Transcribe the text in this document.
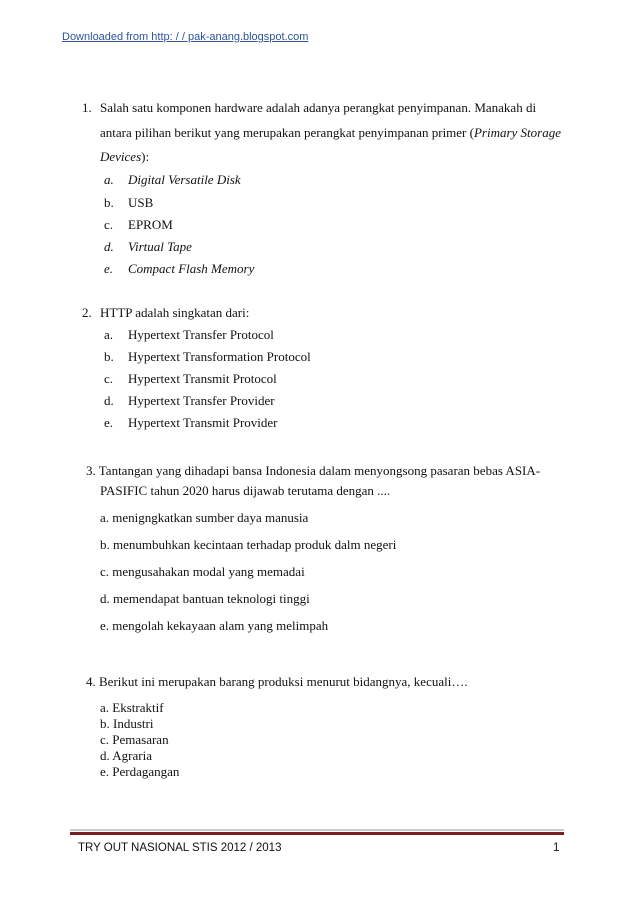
Downloaded from http: / / pak-anang.blogspot.com
1. Salah satu komponen hardware adalah adanya perangkat penyimpanan. Manakah di
antara pilihan berikut yang merupakan perangkat penyimpanan primer (Primary Storage
Devices):
a. Digital Versatile Disk
b. USB
c. EPROM
d. Virtual Tape
e. Compact Flash Memory
2. HTTP adalah singkatan dari:
a. Hypertext Transfer Protocol
b. Hypertext Transformation Protocol
c. Hypertext Transmit Protocol
d. Hypertext Transfer Provider
e. Hypertext Transmit Provider
3. Tantangan yang dihadapi bansa Indonesia dalam menyongsong pasaran bebas ASIA-
PASIFIC tahun 2020 harus dijawab terutama dengan ....
a. menigngkatkan sumber daya manusia
b. menumbuhkan kecintaan terhadap produk dalm negeri
c. mengusahakan modal yang memadai
d. memendapat bantuan teknologi tinggi
e. mengolah kekayaan alam yang melimpah
4. Berikut ini merupakan barang produksi menurut bidangnya, kecuali….
a. Ekstraktif
b. Industri
c. Pemasaran
d. Agraria
e. Perdagangan
TRY OUT NASIONAL STIS 2012 / 2013	1
